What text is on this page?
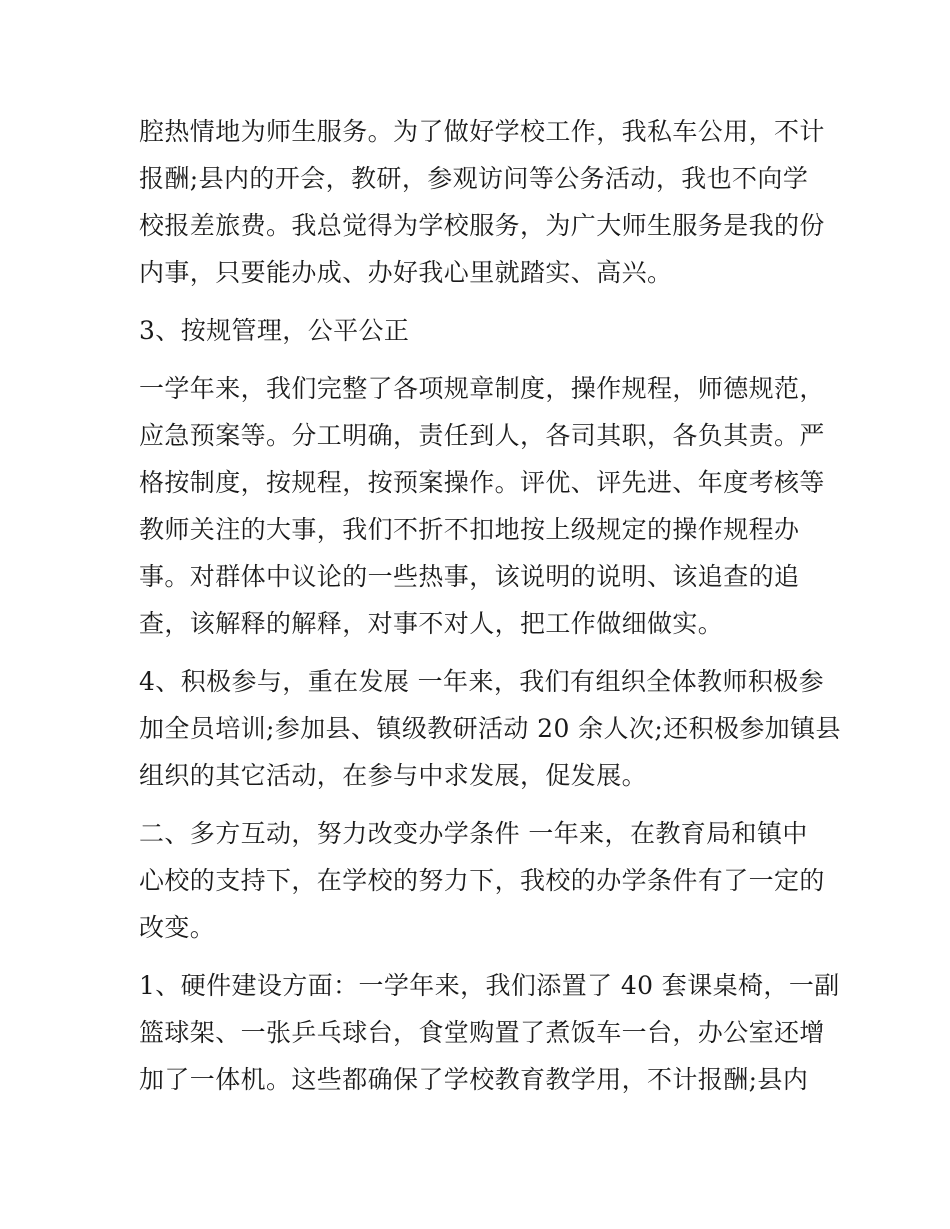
腔热情地为师生服务。为了做好学校工作，我私车公用，不计
报酬;县内的开会，教研，参观访问等公务活动，我也不向学
校报差旅费。我总觉得为学校服务，为广大师生服务是我的份
内事，只要能办成、办好我心里就踏实、高兴。
3、按规管理，公平公正
一学年来，我们完整了各项规章制度，操作规程，师德规范，
应急预案等。分工明确，责任到人，各司其职，各负其责。严
格按制度，按规程，按预案操作。评优、评先进、年度考核等
教师关注的大事，我们不折不扣地按上级规定的操作规程办
事。对群体中议论的一些热事，该说明的说明、该追查的追
查，该解释的解释，对事不对人，把工作做细做实。
4、积极参与，重在发展 一年来，我们有组织全体教师积极参
加全员培训;参加县、镇级教研活动 20 余人次;还积极参加镇县
组织的其它活动，在参与中求发展，促发展。
二、多方互动，努力改变办学条件 一年来，在教育局和镇中
心校的支持下，在学校的努力下，我校的办学条件有了一定的
改变。
1、硬件建设方面：一学年来，我们添置了 40 套课桌椅，一副
篮球架、一张乒乓球台，食堂购置了煮饭车一台，办公室还增
加了一体机。这些都确保了学校教育教学用，不计报酬;县内
